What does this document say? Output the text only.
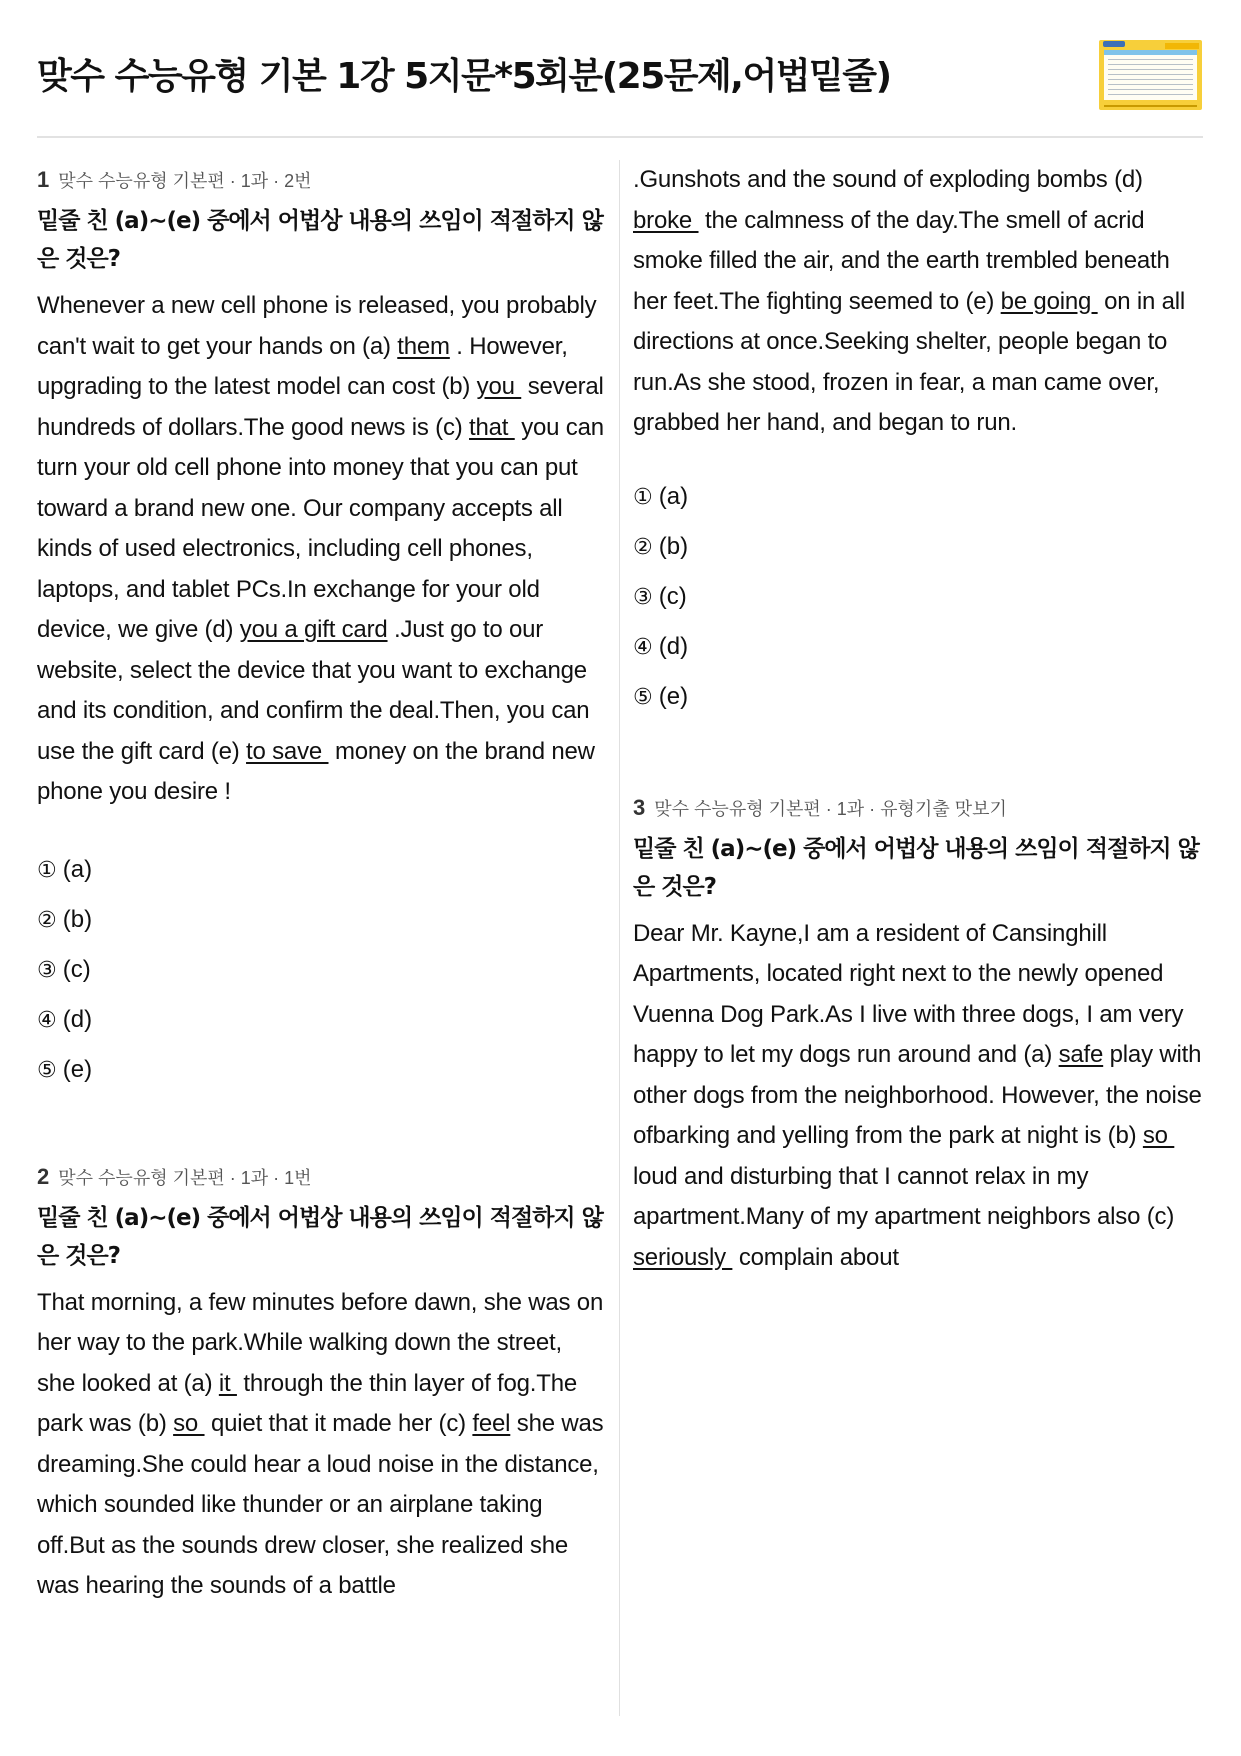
맞수 수능유형 기본 1강 5지문*5회분(25문제,어법밑줄)
1 맞수 수능유형 기본편 · 1과 · 2번
밑줄 친 (a)∼(e) 중에서 어법상 내용의 쓰임이 적절하지 않은 것은?

Whenever a new cell phone is released, you probably can't wait to get your hands on (a) them . However, upgrading to the latest model can cost (b) you  several hundreds of dollars.The good news is (c) that  you can turn your old cell phone into money that you can put toward a brand new one. Our company accepts all kinds of used electronics, including cell phones, laptops, and tablet PCs.In exchange for your old device, we give (d) you a gift card .Just go to our website, select the device that you want to exchange and its condition, and confirm the deal.Then, you can use the gift card (e) to save  money on the brand new phone you desire !

① (a)
② (b)
③ (c)
④ (d)
⑤ (e)
2 맞수 수능유형 기본편 · 1과 · 1번
밑줄 친 (a)∼(e) 중에서 어법상 내용의 쓰임이 적절하지 않은 것은?

That morning, a few minutes before dawn, she was on her way to the park.While walking down the street, she looked at (a) it  through the thin layer of fog.The park was (b) so  quiet that it made her (c) feel she was dreaming.She could hear a loud noise in the distance, which sounded like thunder or an airplane taking off.But as the sounds drew closer, she realized she was hearing the sounds of a battle

.Gunshots and the sound of exploding bombs (d) broke  the calmness of the day.The smell of acrid smoke filled the air, and the earth trembled beneath her feet.The fighting seemed to (e) be going  on in all directions at once.Seeking shelter, people began to run.As she stood, frozen in fear, a man came over, grabbed her hand, and began to run.

① (a)
② (b)
③ (c)
④ (d)
⑤ (e)
3 맞수 수능유형 기본편 · 1과 · 유형기출 맛보기
밑줄 친 (a)∼(e) 중에서 어법상 내용의 쓰임이 적절하지 않은 것은?

Dear Mr. Kayne,I am a resident of Cansinghill Apartments, located right next to the newly opened Vuenna Dog Park.As I live with three dogs, I am very happy to let my dogs run around and (a) safe play with other dogs from the neighborhood. However, the noise ofbarking and yelling from the park at night is (b) so  loud and disturbing that I cannot relax in my apartment.Many of my apartment neighbors also (c) seriously  complain about
